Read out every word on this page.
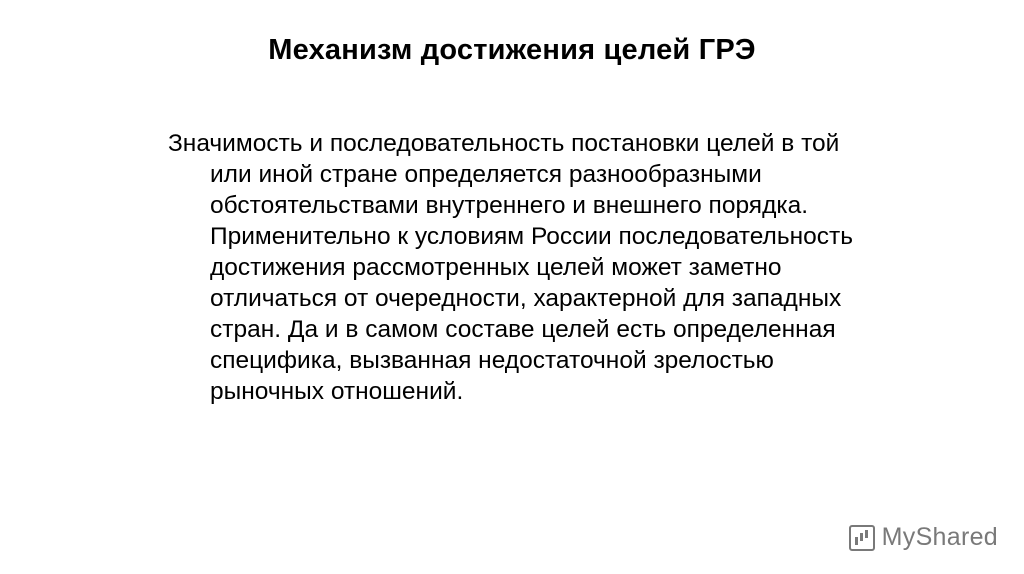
Механизм достижения целей ГРЭ

Значимость и последовательность постановки целей в той или иной стране определяется разнообразными обстоятельствами внутреннего и внешнего порядка. Применительно к условиям России последовательность достижения рассмотренных целей может заметно отличаться от очередности, характерной для западных стран. Да и в самом составе целей есть определенная специфика, вызванная недостаточной зрелостью рыночных отношений.

MyShared
